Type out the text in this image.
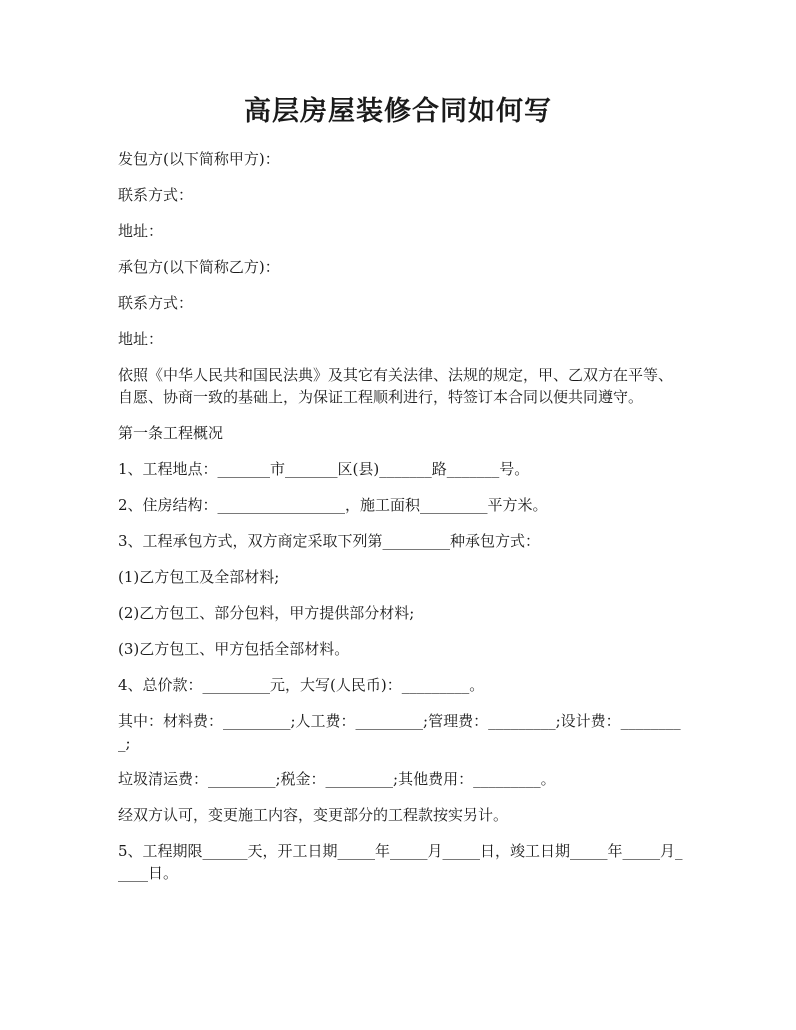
高层房屋装修合同如何写

发包方(以下简称甲方)：

联系方式：

地址：

承包方(以下简称乙方)：

联系方式：

地址：

依照《中华人民共和国民法典》及其它有关法律、法规的规定，甲、乙双方在平等、自愿、协商一致的基础上，为保证工程顺利进行，特签订本合同以便共同遵守。

第一条工程概况

1、工程地点：_______市_______区(县)_______路_______号。

2、住房结构：_________________，施工面积_________平方米。

3、工程承包方式，双方商定采取下列第_________种承包方式：

(1)乙方包工及全部材料;

(2)乙方包工、部分包料，甲方提供部分材料;

(3)乙方包工、甲方包括全部材料。

4、总价款：_________元，大写(人民币)：_________。

其中：材料费：_________;人工费：_________;管理费：_________;设计费：_________;

垃圾清运费：_________;税金：_________;其他费用：_________。

经双方认可，变更施工内容，变更部分的工程款按实另计。

5、工程期限______天，开工日期_____年_____月_____日，竣工日期_____年_____月_____日。
